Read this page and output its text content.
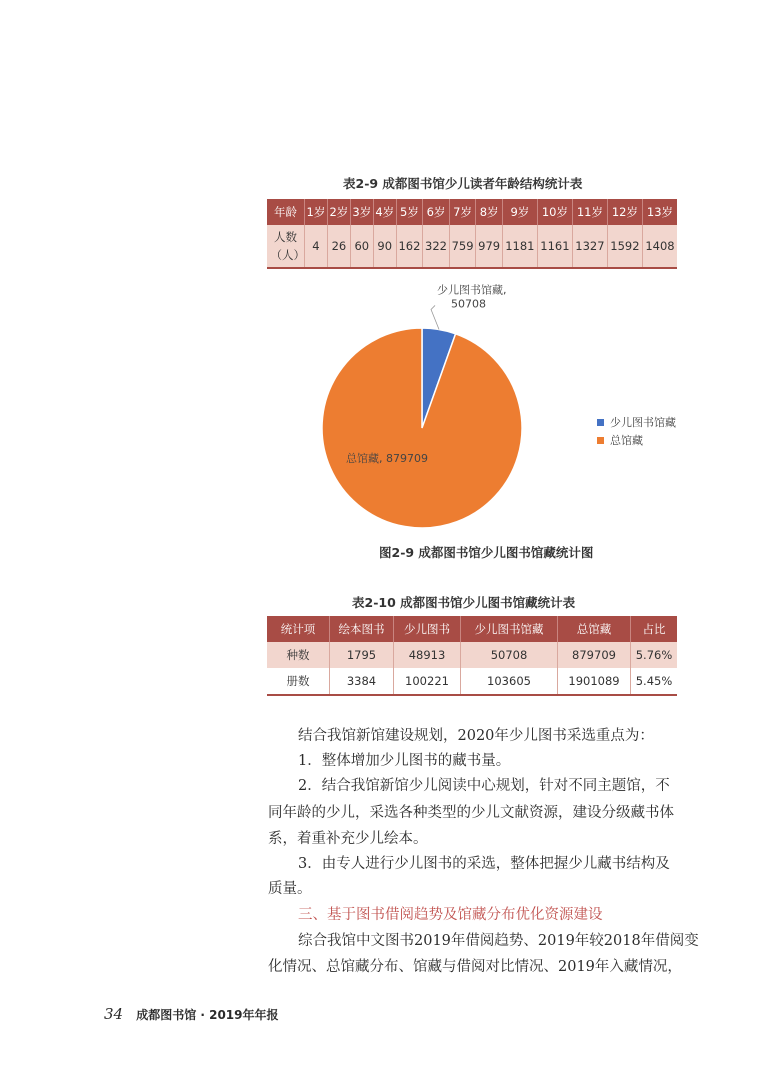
表2-9 成都图书馆少儿读者年龄结构统计表
年龄	1岁	2岁	3岁	4岁	5岁	6岁	7岁	8岁	9岁	10岁	11岁	12岁	13岁
人数（人）	4	26	60	90	162	322	759	979	1181	1161	1327	1592	1408
少儿图书馆藏,
50708
总馆藏, 879709
少儿图书馆藏
总馆藏
图2-9 成都图书馆少儿图书馆藏统计图
表2-10 成都图书馆少儿图书馆藏统计表
统计项	绘本图书	少儿图书	少儿图书馆藏	总馆藏	占比
种数	1795	48913	50708	879709	5.76%
册数	3384	100221	103605	1901089	5.45%
结合我馆新馆建设规划，2020年少儿图书采选重点为：
1．整体增加少儿图书的藏书量。
2．结合我馆新馆少儿阅读中心规划，针对不同主题馆，不
同年龄的少儿，采选各种类型的少儿文献资源，建设分级藏书体
系，着重补充少儿绘本。
3．由专人进行少儿图书的采选，整体把握少儿藏书结构及
质量。
三、基于图书借阅趋势及馆藏分布优化资源建设
综合我馆中文图书2019年借阅趋势、2019年较2018年借阅变
化情况、总馆藏分布、馆藏与借阅对比情况、2019年入藏情况，
34 成都图书馆 · 2019年年报
